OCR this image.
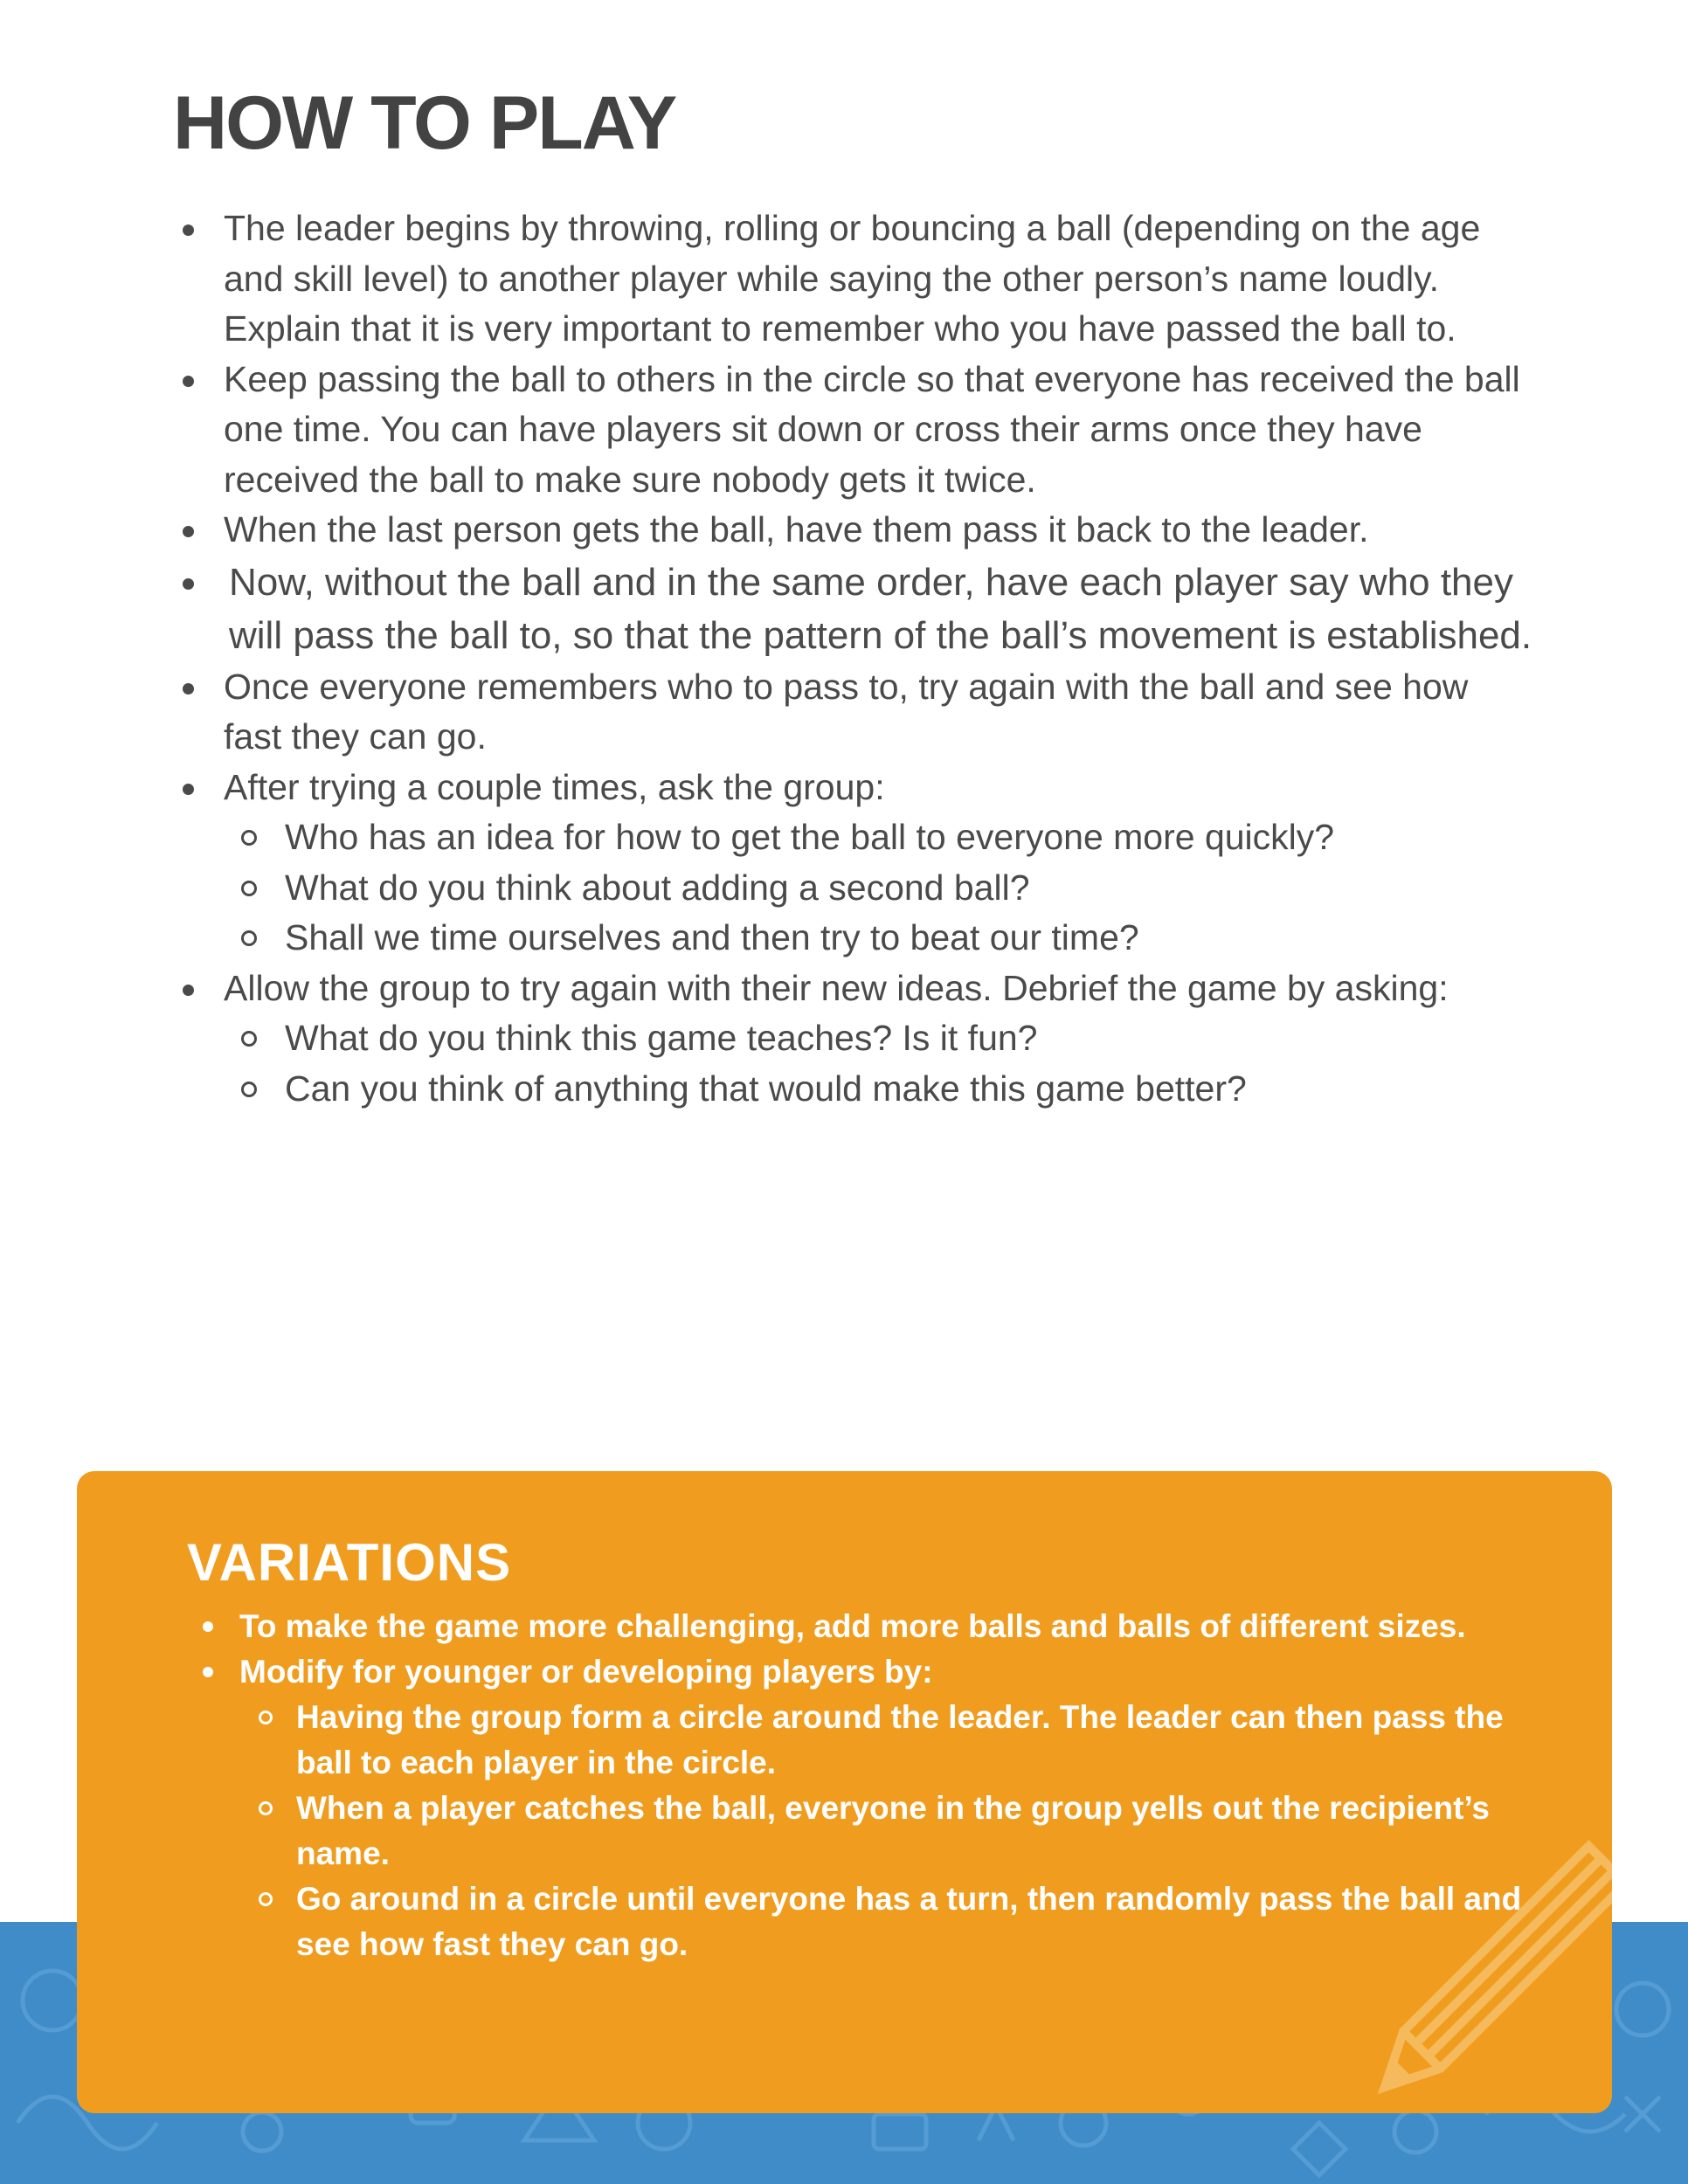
HOW TO PLAY
The leader begins by throwing, rolling or bouncing a ball (depending on the age and skill level) to another player while saying the other person’s name loudly. Explain that it is very important to remember who you have passed the ball to.
Keep passing the ball to others in the circle so that everyone has received the ball one time. You can have players sit down or cross their arms once they have received the ball to make sure nobody gets it twice.
When the last person gets the ball, have them pass it back to the leader.
Now, without the ball and in the same order, have each player say who they will pass the ball to, so that the pattern of the ball’s movement is established.
Once everyone remembers who to pass to, try again with the ball and see how fast they can go.
After trying a couple times, ask the group:
Who has an idea for how to get the ball to everyone more quickly?
What do you think about adding a second ball?
Shall we time ourselves and then try to beat our time?
Allow the group to try again with their new ideas. Debrief the game by asking:
What do you think this game teaches? Is it fun?
Can you think of anything that would make this game better?
VARIATIONS
To make the game more challenging, add more balls and balls of different sizes.
Modify for younger or developing players by:
Having the group form a circle around the leader. The leader can then pass the ball to each player in the circle.
When a player catches the ball, everyone in the group yells out the recipient’s name.
Go around in a circle until everyone has a turn, then randomly pass the ball and see how fast they can go.
